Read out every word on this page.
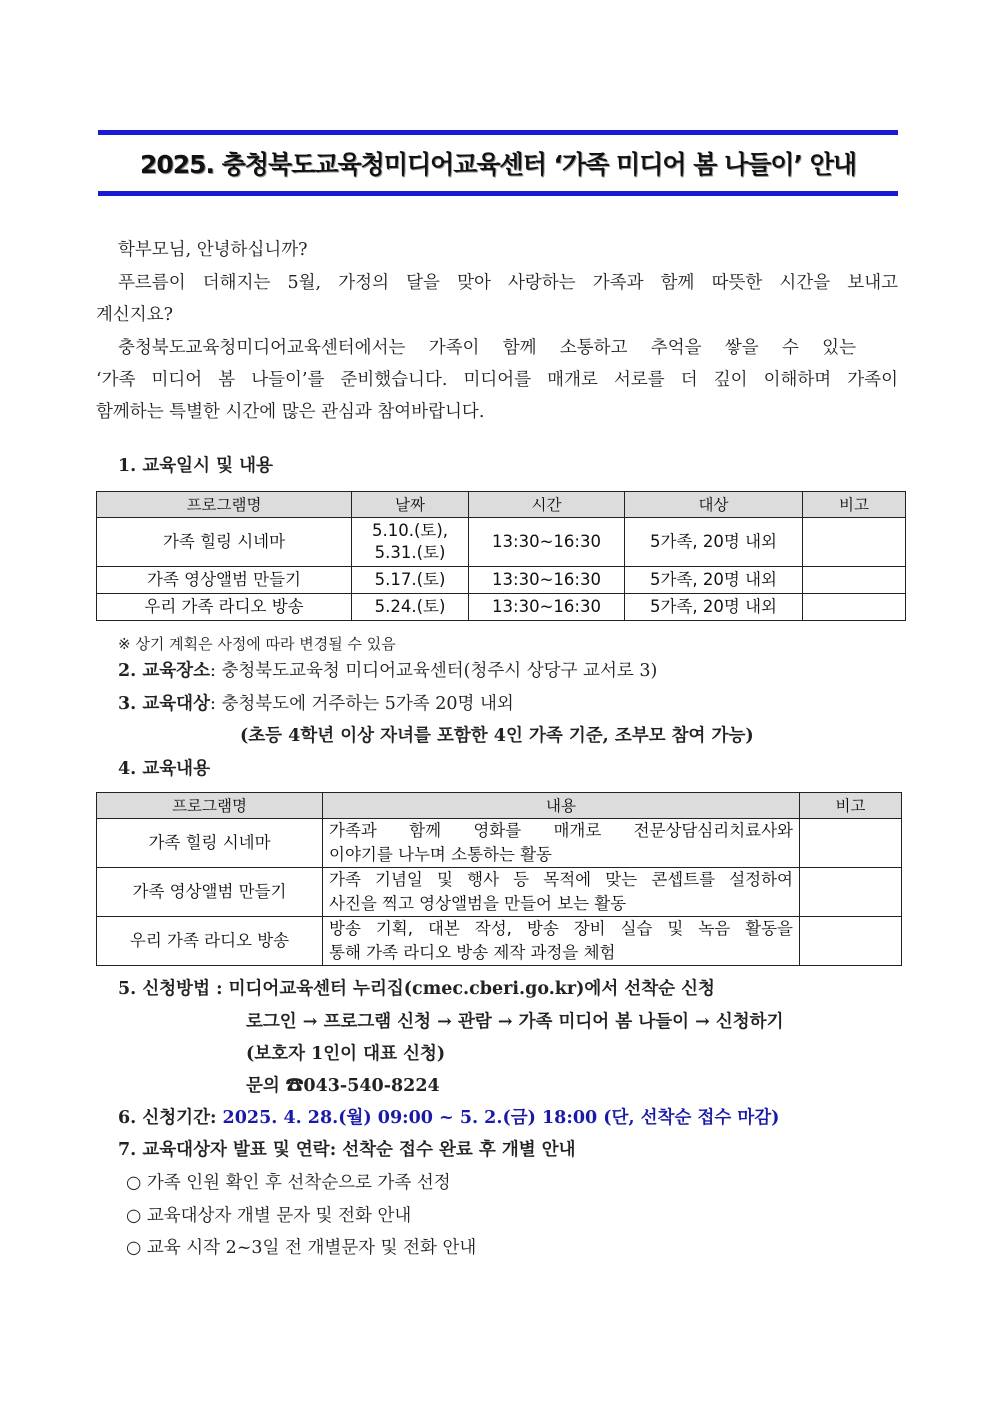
2025. 충청북도교육청미디어교육센터 ‘가족 미디어 봄 나들이’ 안내
학부모님, 안녕하십니까?
푸르름이 더해지는 5월, 가정의 달을 맞아 사랑하는 가족과 함께 따뜻한 시간을 보내고
계신지요?
충청북도교육청미디어교육센터에서는 가족이 함께 소통하고 추억을 쌓을 수 있는
‘가족 미디어 봄 나들이’를 준비했습니다. 미디어를 매개로 서로를 더 깊이 이해하며 가족이
함께하는 특별한 시간에 많은 관심과 참여바랍니다.
1. 교육일시 및 내용
프로그램명	날짜	시간	대상	비고
가족 힐링 시네마	5.10.(토),
5.31.(토)	13:30~16:30	5가족, 20명 내외	
가족 영상앨범 만들기	5.17.(토)	13:30~16:30	5가족, 20명 내외	
우리 가족 라디오 방송	5.24.(토)	13:30~16:30	5가족, 20명 내외	
※ 상기 계획은 사정에 따라 변경될 수 있음
2. 교육장소: 충청북도교육청 미디어교육센터(청주시 상당구 교서로 3)
3. 교육대상: 충청북도에 거주하는 5가족 20명 내외
(초등 4학년 이상 자녀를 포함한 4인 가족 기준, 조부모 참여 가능)
4. 교육내용
프로그램명	내용	비고
가족 힐링 시네마	가족과 함께 영화를 매개로 전문상담심리치료사와
이야기를 나누며 소통하는 활동	

가족 영상앨범 만들기	가족 기념일 및 행사 등 목적에 맞는 콘셉트를 설정하여
사진을 찍고 영상앨범을 만들어 보는 활동	

우리 가족 라디오 방송	방송 기획, 대본 작성, 방송 장비 실습 및 녹음 활동을
통해 가족 라디오 방송 제작 과정을 체험	

5. 신청방법 : 미디어교육센터 누리집(cmec.cberi.go.kr)에서 선착순 신청
로그인 → 프로그램 신청 → 관람 → 가족 미디어 봄 나들이 → 신청하기
(보호자 1인이 대표 신청)
문의 ☎043-540-8224
6. 신청기간: 2025. 4. 28.(월) 09:00 ~ 5. 2.(금) 18:00 (단, 선착순 접수 마감)
7. 교육대상자 발표 및 연락: 선착순 접수 완료 후 개별 안내
○ 가족 인원 확인 후 선착순으로 가족 선정
○ 교육대상자 개별 문자 및 전화 안내
○ 교육 시작 2~3일 전 개별문자 및 전화 안내
